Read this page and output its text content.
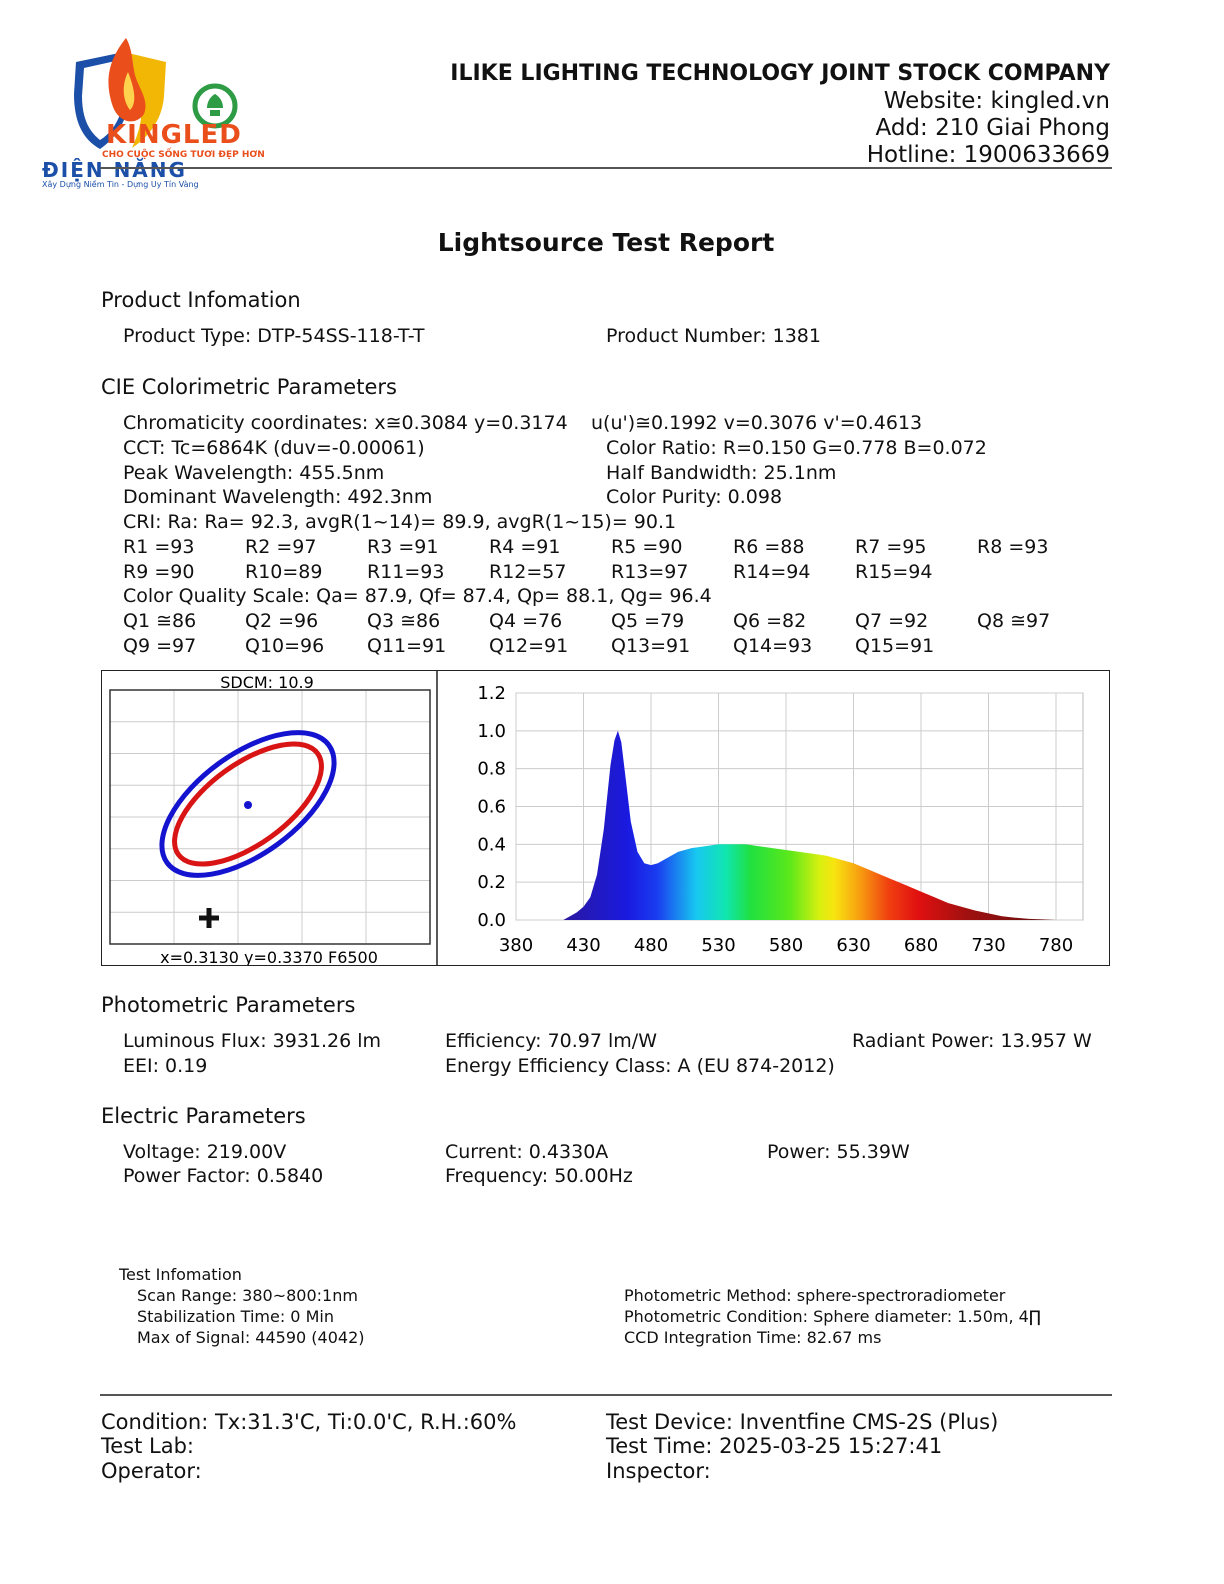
KINGLED
CHO CUỘC SỐNG TƯƠI ĐẸP HƠN
ĐIỆN NĂNG
Xây Dựng Niềm Tin - Dựng Uy Tín Vàng
ILIKE LIGHTING TECHNOLOGY JOINT STOCK COMPANY
Website: kingled.vn
Add: 210 Giai Phong
Hotline: 1900633669
Lightsource Test Report
Product Infomation
Product Type: DTP-54SS-118-T-T	Product Number: 1381
CIE Colorimetric Parameters
Chromaticity coordinates: x≅0.3084 y=0.3174 u(u')≅0.1992 v=0.3076 v'=0.4613
CCT: Tc=6864K (duv=-0.00061)	Color Ratio: R=0.150 G=0.778 B=0.072
Peak Wavelength: 455.5nm	Half Bandwidth: 25.1nm
Dominant Wavelength: 492.3nm	Color Purity: 0.098
CRI: Ra: Ra= 92.3, avgR(1~14)= 89.9, avgR(1~15)= 90.1
R1 =93	R2 =97	R3 =91	R4 =91	R5 =90	R6 =88	R7 =95	R8 =93
R9 =90	R10=89 R11=93 R12=57 R13=97 R14=94 R15=94
Color Quality Scale: Qa= 87.9, Qf= 87.4, Qp= 88.1, Qg= 96.4
Q1 ≅86	Q2 =96	Q3 ≅86	Q4 =76	Q5 =79	Q6 =82	Q7 =92	Q8 ≅97
Q9 =97	Q10=96 Q11=91 Q12=91 Q13=91 Q14=93 Q15=91
SDCM: 10.9
x=0.3130 y=0.3370 F6500
380 430 480 530 580 630 680 730 780
1.2
1.0
0.8
0.6
0.4
0.2
0.0
Photometric Parameters
Luminous Flux: 3931.26 lm	Efficiency: 70.97 lm/W	Radiant Power: 13.957 W
EEI: 0.19	Energy Efficiency Class: A (EU 874-2012)
Electric Parameters
Voltage: 219.00V	Current: 0.4330A	Power: 55.39W
Power Factor: 0.5840	Frequency: 50.00Hz
Test Infomation
Scan Range: 380~800:1nm
Stabilization Time: 0 Min
Max of Signal: 44590 (4042)
Photometric Method: sphere-spectroradiometer
Photometric Condition: Sphere diameter: 1.50m, 4∏
CCD Integration Time: 82.67 ms
Condition: Tx:31.3'C, Ti:0.0'C, R.H.:60%	Test Device: Inventfine CMS-2S (Plus)
Test Lab:	Test Time: 2025-03-25 15:27:41
Operator:	Inspector:
